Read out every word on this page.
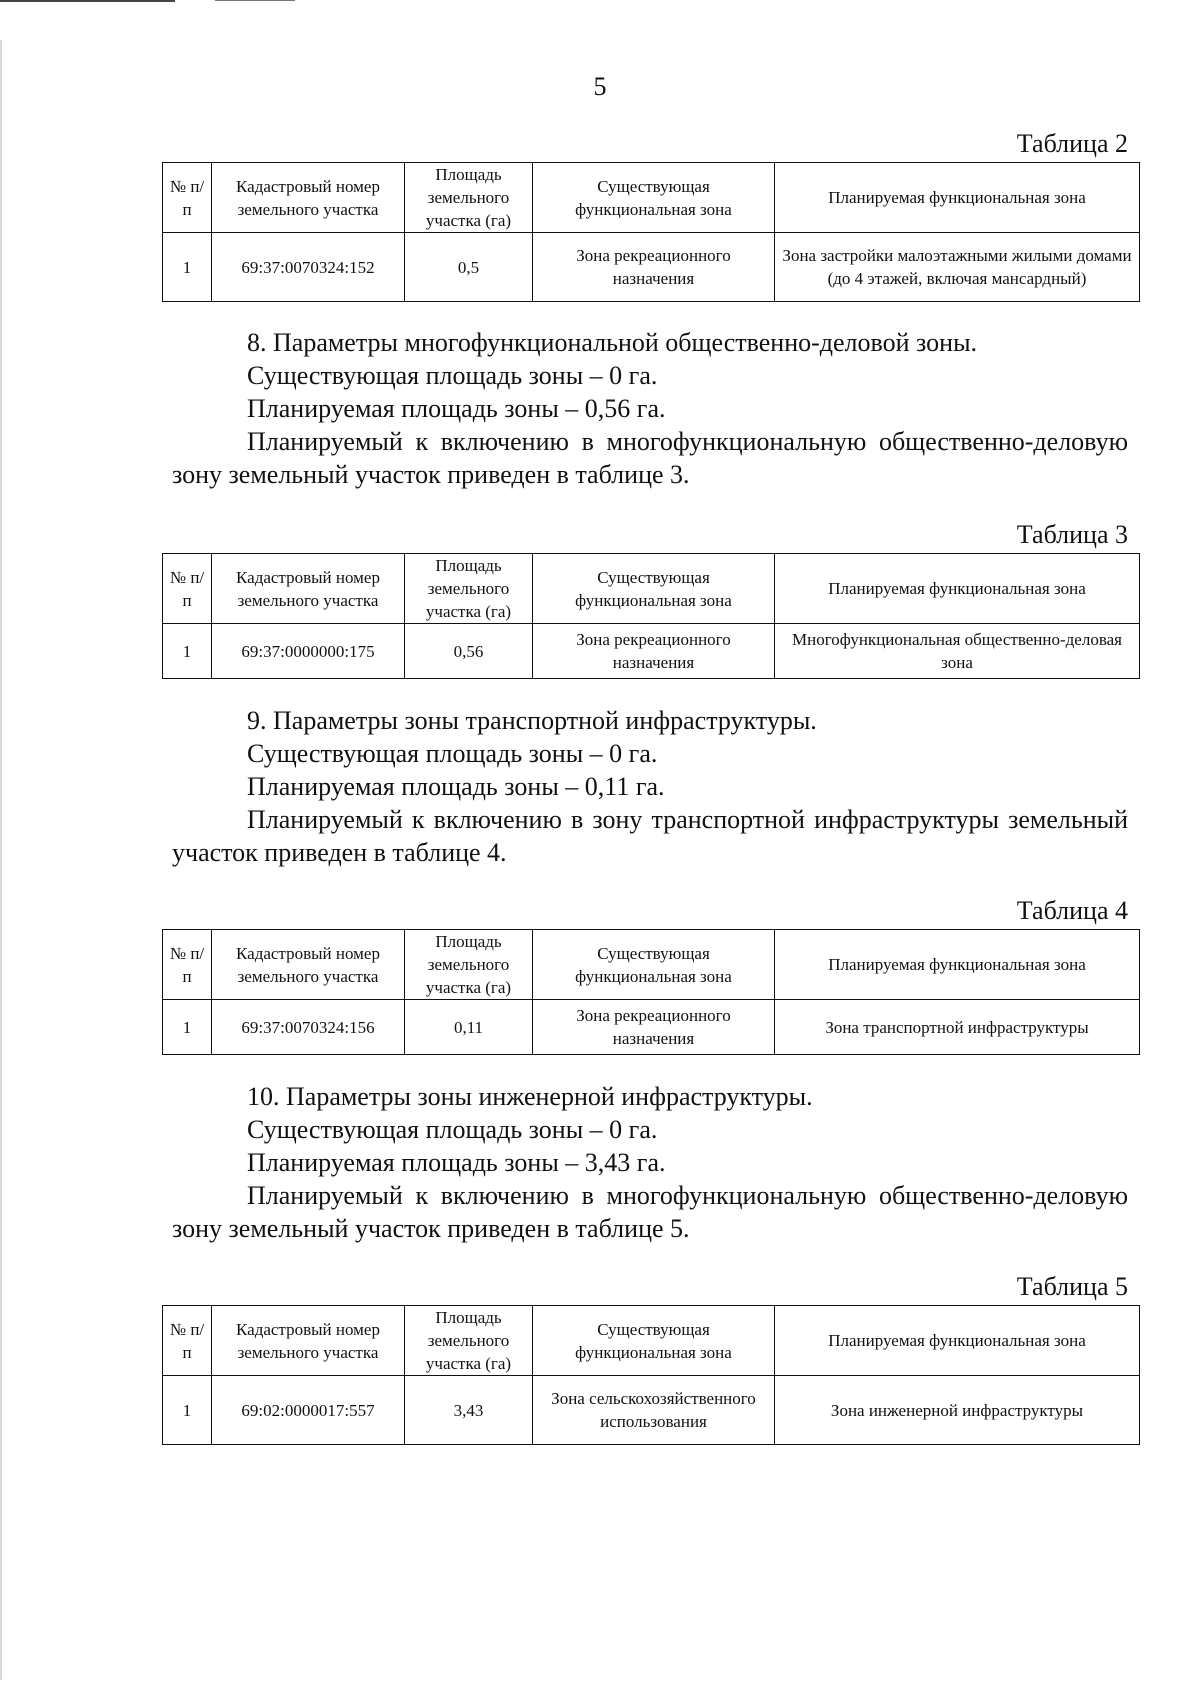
5
Таблица 2
№ п/п	Кадастровый номер земельного участка	Площадь земельного участка (га)	Существующая функциональная зона	Планируемая функциональная зона
1	69:37:0070324:152	0,5	Зона рекреационного назначения	Зона застройки малоэтажными жилыми домами (до 4 этажей, включая мансардный)

8. Параметры многофункциональной общественно-деловой зоны.

Существующая площадь зоны – 0 га.

Планируемая площадь зоны – 0,56 га.

Планируемый к включению в многофункциональную общественно-деловую зону земельный участок приведен в таблице 3.

Таблица 3
№ п/п	Кадастровый номер земельного участка	Площадь земельного участка (га)	Существующая функциональная зона	Планируемая функциональная зона
1	69:37:0000000:175	0,56	Зона рекреационного назначения	Многофункциональная общественно-деловая зона

9. Параметры зоны транспортной инфраструктуры.

Существующая площадь зоны – 0 га.

Планируемая площадь зоны – 0,11 га.

Планируемый к включению в зону транспортной инфраструктуры земельный участок приведен в таблице 4.

Таблица 4
№ п/п	Кадастровый номер земельного участка	Площадь земельного участка (га)	Существующая функциональная зона	Планируемая функциональная зона
1	69:37:0070324:156	0,11	Зона рекреационного назначения	Зона транспортной инфраструктуры

10. Параметры зоны инженерной инфраструктуры.

Существующая площадь зоны – 0 га.

Планируемая площадь зоны – 3,43 га.

Планируемый к включению в многофункциональную общественно-деловую зону земельный участок приведен в таблице 5.

Таблица 5
№ п/п	Кадастровый номер земельного участка	Площадь земельного участка (га)	Существующая функциональная зона	Планируемая функциональная зона
1	69:02:0000017:557	3,43	Зона сельскохозяйственного использования	Зона инженерной инфраструктуры
